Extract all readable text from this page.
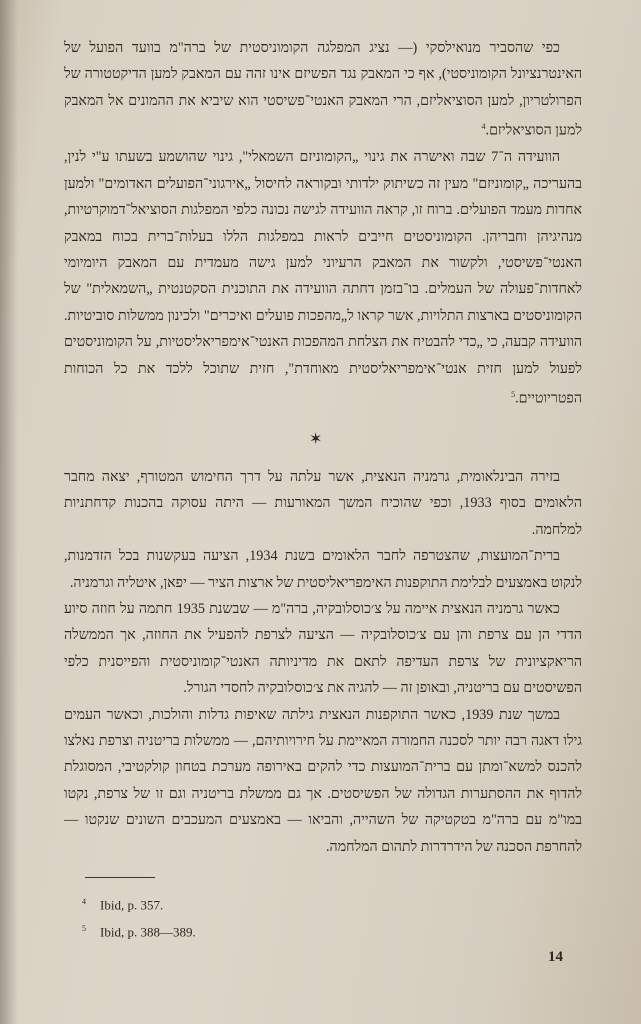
כפי שהסביר מנואילסקי (— נציג המפלגה הקומוניסטית של ברה"מ בוועד הפועל של האינטרנציונל הקומוניסטי), אף כי המאבק נגד הפשיזם אינו זהה עם המאבק למען הדיקטטורה של הפרולטריון, למען הסוציאליזם, הרי המאבק האנטי־פשיסטי הוא שיביא את ההמונים אל המאבק למען הסוציאליזם.$^4$

הוועידה ה־7 שבה ואישרה את גינוי „הקומוניזם השמאלי", גינוי שהושמע בשעתו ע"י לנין, בהעריכה „קומוניזם" מעין זה כשיתוק ילדותי ובקוראה לחיסול „אירגוני־הפועלים האדומים" ולמען אחדות מעמד הפועלים. ברוח זו, קראה הוועידה לגישה נכונה כלפי המפלגות הסוציאל־דמוקרטיות, מנהיגיהן וחבריהן. הקומוניסטים חייבים לראות במפלגות הללו בעלות־ברית בכוח במאבק האנטי־פשיסטי, ולקשור את המאבק הרעיוני למען גישה מעמדית עם המאבק היומיומי לאחדות־פעולה של העמלים. בו־בזמן דחתה הוועידה את התוכנית הסקטנטית „השמאלית" של הקומוניסטים בארצות התלויות, אשר קראו ל„מהפכות פועלים ואיכרים" ולכינון ממשלות סוביטיות. הוועידה קבעה, כי „כדי להבטיח את הצלחת המהפכות האנטי־אימפריאליסטיות, על הקומוניסטים לפעול למען חזית אנטי־אימפריאליסטית מאוחדת", חזית שתוכל ללכד את כל הכוחות הפטריוטיים.$^5$

✶

בזירה הבינלאומית, גרמניה הנאצית, אשר עלתה על דרך החימוש המטורף, יצאה מחבר הלאומים בסוף 1933, וכפי שהוכיח המשך המאורעות — היתה עסוקה בהכנות קדחתניות למלחמה.

ברית־המועצות, שהצטרפה לחבר הלאומים בשנת 1934, הציעה בעקשנות בכל הזדמנות, לנקוט באמצעים לבלימת התוקפנות האימפריאליסטית של ארצות הציר — יפאן, איטליה וגרמניה.

כאשר גרמניה הנאצית איימה על צ׳כוסלובקיה, ברה"מ — שבשנת 1935 חתמה על חוזה סיוע הדדי הן עם צרפת והן עם צ׳כוסלובקיה — הציעה לצרפת להפעיל את החוזה, אך הממשלה הריאקציונית של צרפת העדיפה לתאם את מדיניותה האנטי־קומוניסטית והפייסנית כלפי הפשיסטים עם בריטניה, ובאופן זה — להגיה את צ׳כוסלובקיה לחסדי הגורל.

במשך שנת 1939, כאשר התוקפנות הנאצית גילתה שאיפות גדלות והולכות, וכאשר העמים גילו דאגה רבה יותר לסכנה החמורה המאיימת על חירויותיהם, — ממשלות בריטניה וצרפת נאלצו להכנס למשא־ומתן עם ברית־המועצות כדי להקים באירופה מערכת בטחון קולקטיבי, המסוגלת להדוף את ההסתערות הגדולה של הפשיסטים. אך גם ממשלת בריטניה וגם זו של צרפת, נקטו במו"מ עם ברה"מ בטקטיקה של השהייה, והביאו — באמצעים המעכבים השונים שנקטו — להחרפת הסכנה של הידרדרות לתהום המלחמה.

$^4$ Ibid, p. 357.

$^5$ Ibid, p. 388—389.

14
